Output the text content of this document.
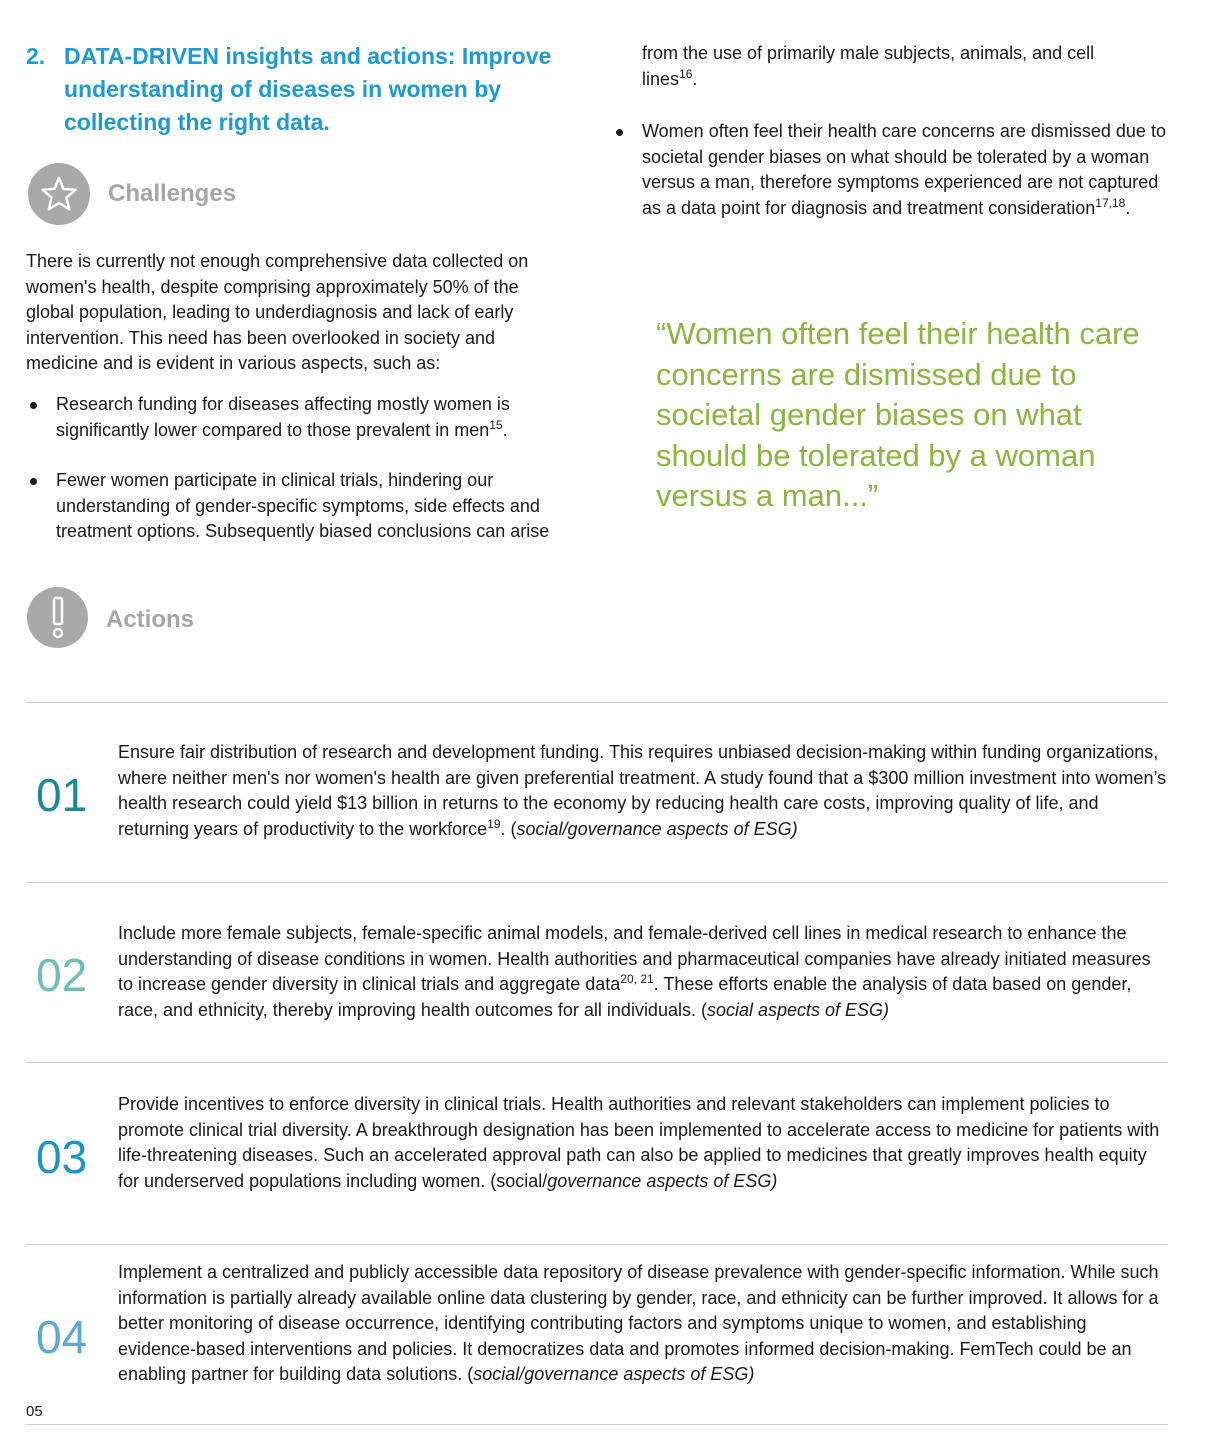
2. DATA-DRIVEN insights and actions: Improve understanding of diseases in women by collecting the right data.
Challenges
There is currently not enough comprehensive data collected on women's health, despite comprising approximately 50% of the global population, leading to underdiagnosis and lack of early intervention. This need has been overlooked in society and medicine and is evident in various aspects, such as:
Research funding for diseases affecting mostly women is significantly lower compared to those prevalent in men$^{15}$.
Fewer women participate in clinical trials, hindering our understanding of gender-specific symptoms, side effects and treatment options. Subsequently biased conclusions can arise
from the use of primarily male subjects, animals, and cell lines$^{16}$.
Women often feel their health care concerns are dismissed due to societal gender biases on what should be tolerated by a woman versus a man, therefore symptoms experienced are not captured as a data point for diagnosis and treatment consideration$^{17,18}$.
“Women often feel their health care concerns are dismissed due to societal gender biases on what should be tolerated by a woman versus a man...”
Actions
01
Ensure fair distribution of research and development funding. This requires unbiased decision-making within funding organizations, where neither men's nor women's health are given preferential treatment. A study found that a $300 million investment into women’s health research could yield $13 billion in returns to the economy by reducing health care costs, improving quality of life, and returning years of productivity to the workforce$^{19}$. (social/governance aspects of ESG)
02
Include more female subjects, female-specific animal models, and female-derived cell lines in medical research to enhance the understanding of disease conditions in women. Health authorities and pharmaceutical companies have already initiated measures to increase gender diversity in clinical trials and aggregate data$^{20, 21}$. These efforts enable the analysis of data based on gender, race, and ethnicity, thereby improving health outcomes for all individuals. (social aspects of ESG)
03
Provide incentives to enforce diversity in clinical trials. Health authorities and relevant stakeholders can implement policies to promote clinical trial diversity. A breakthrough designation has been implemented to accelerate access to medicine for patients with life-threatening diseases. Such an accelerated approval path can also be applied to medicines that greatly improves health equity for underserved populations including women. (social/governance aspects of ESG)
04
Implement a centralized and publicly accessible data repository of disease prevalence with gender-specific information. While such information is partially already available online data clustering by gender, race, and ethnicity can be further improved. It allows for a better monitoring of disease occurrence, identifying contributing factors and symptoms unique to women, and establishing evidence-based interventions and policies. It democratizes data and promotes informed decision-making. FemTech could be an enabling partner for building data solutions. (social/governance aspects of ESG)
05
